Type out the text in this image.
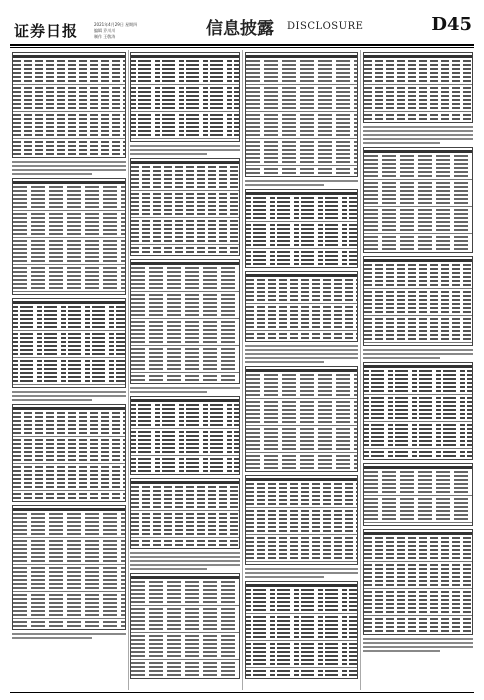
证券日报	2021年4月29日 星期四
编辑 乔川川
制作 王敬涛	信息披露 DISCLOSURE	D45
